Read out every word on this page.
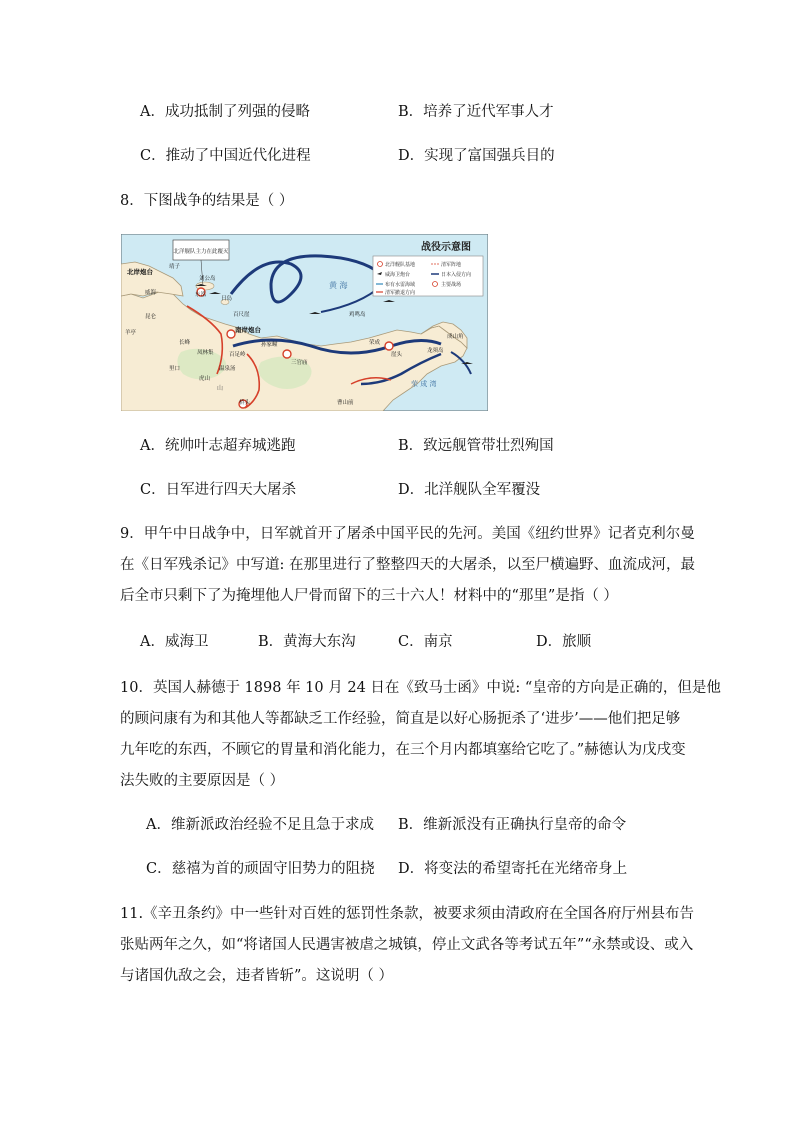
A．成功抵制了列强的侵略	B．培养了近代军事人才
C．推动了中国近代化进程	D．实现了富国强兵目的
8．下图战争的结果是（ ）
北洋舰队主力在此覆灭	战役示意图
北洋舰队基地
威海卫炮台
布有水雷海域
清军撤退方向
清军阵地
日本入侵方向
主要战场
黄 海
荣 成 湾
北岸炮台
威海
靖子
刘公岛
东泓
日岛
百尺崖
南岸炮台
鸡鸣岛
羊亭
长峰
凤林集	百足岭
孙家疃
温泉汤
里口
虎山
桥头
山
三官庙
荣成
崖头
龙须岛
成山角
曹山前
昆仑
A．统帅叶志超弃城逃跑	B．致远舰管带壮烈殉国
C．日军进行四天大屠杀	D．北洋舰队全军覆没
9．甲午中日战争中，日军就首开了屠杀中国平民的先河。美国《纽约世界》记者克利尔曼
在《日军残杀记》中写道: 在那里进行了整整四天的大屠杀，以至尸横遍野、血流成河，最
后全市只剩下了为掩埋他人尸骨而留下的三十六人！材料中的“那里”是指（ ）
A．威海卫	B．黄海大东沟	C．南京	D．旅顺
10．英国人赫德于 1898 年 10 月 24 日在《致马士函》中说: “皇帝的方向是正确的，但是他
的顾问康有为和其他人等都缺乏工作经验，简直是以好心肠扼杀了‘进步’——他们把足够
九年吃的东西，不顾它的胃量和消化能力，在三个月内都填塞给它吃了。”赫德认为戊戌变
法失败的主要原因是（ ）
A．维新派政治经验不足且急于求成 B．维新派没有正确执行皇帝的命令
C．慈禧为首的顽固守旧势力的阻挠 D．将变法的希望寄托在光绪帝身上
11.《辛丑条约》中一些针对百姓的惩罚性条款，被要求须由清政府在全国各府厅州县布告
张贴两年之久，如“将诸国人民遇害被虐之城镇，停止文武各等考试五年”“永禁或设、或入
与诸国仇敌之会，违者皆斩”。这说明（ ）
